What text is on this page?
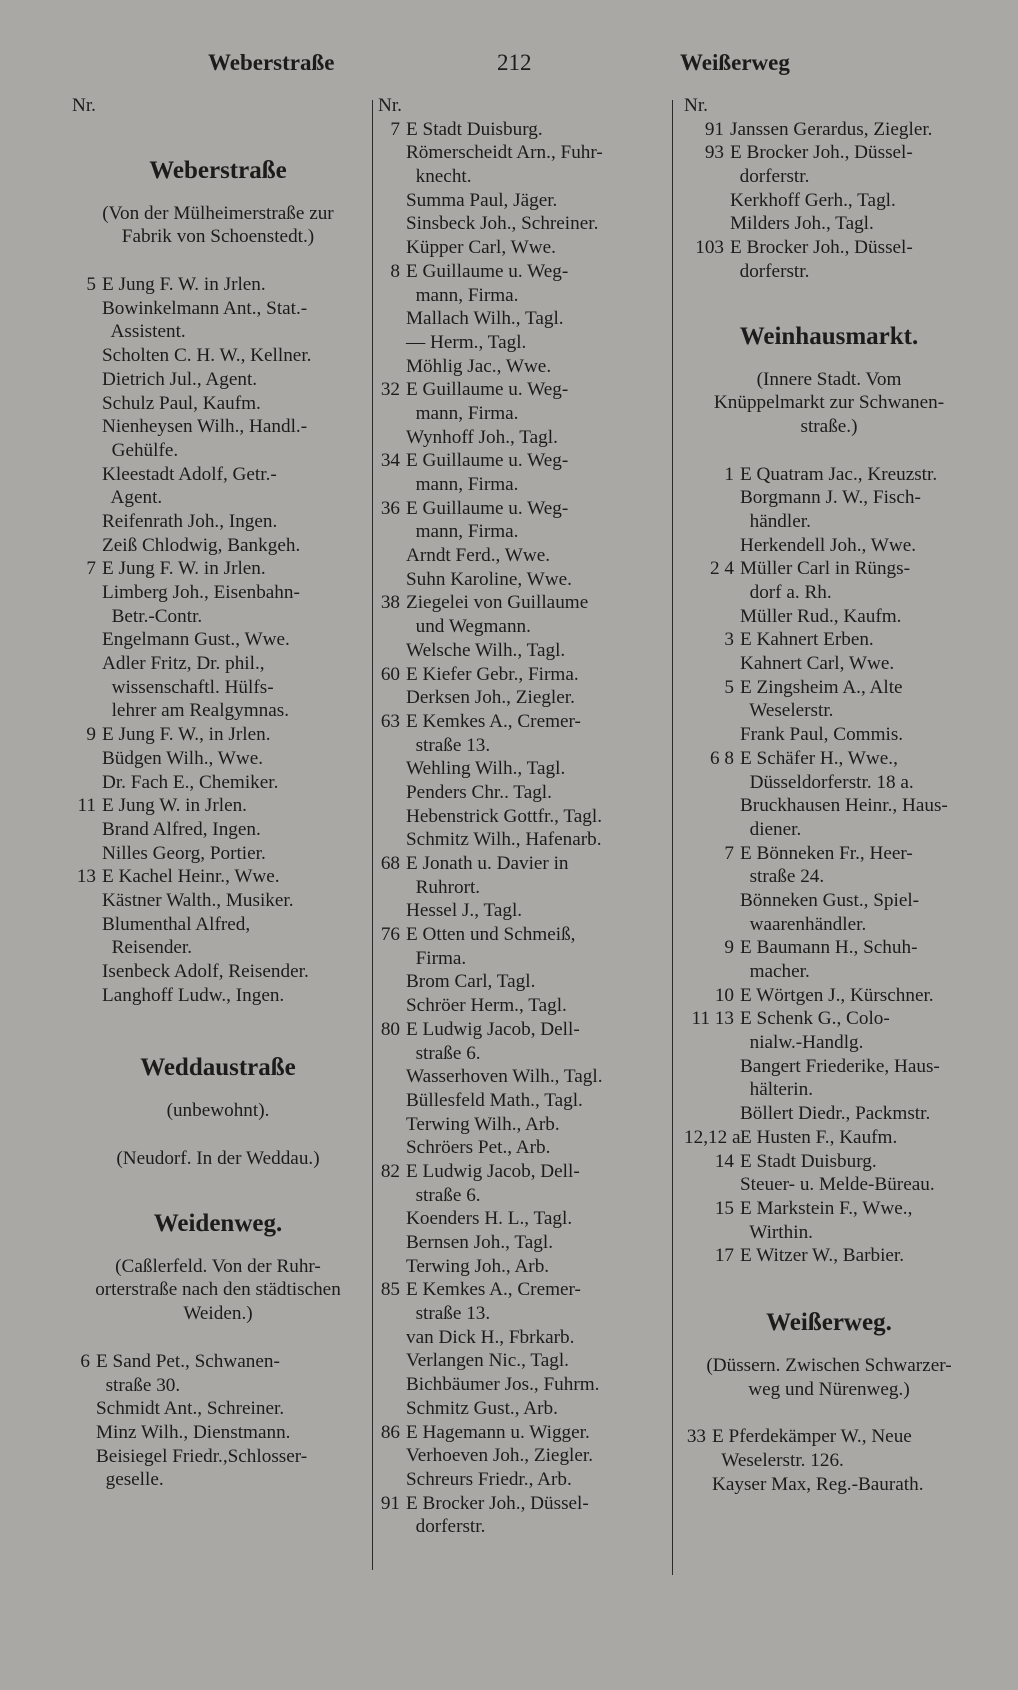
Weberstraße	212	Weißerweg
Nr.
Weberstraße
(Von der Mülheimerstraße zur
Fabrik von Schoenstedt.)
5 E Jung F. W. in Jrlen.
Bowinkelmann Ant., Stat.-
Assistent.
Scholten C. H. W., Kellner.
Dietrich Jul., Agent.
Schulz Paul, Kaufm.
Nienheysen Wilh., Handl.-
Gehülfe.
Kleestadt Adolf, Getr.-
Agent.
Reifenrath Joh., Ingen.
Zeiß Chlodwig, Bankgeh.
7 E Jung F. W. in Jrlen.
Limberg Joh., Eisenbahn-
Betr.-Contr.
Engelmann Gust., Wwe.
Adler Fritz, Dr. phil.,
wissenschaftl. Hülfs-
lehrer am Realgymnas.
9 E Jung F. W., in Jrlen.
Büdgen Wilh., Wwe.
Dr. Fach E., Chemiker.
11 E Jung W. in Jrlen.
Brand Alfred, Ingen.
Nilles Georg, Portier.
13 E Kachel Heinr., Wwe.
Kästner Walth., Musiker.
Blumenthal Alfred,
Reisender.
Isenbeck Adolf, Reisender.
Langhoff Ludw., Ingen.
Weddaustraße
(unbewohnt).
(Neudorf. In der Weddau.)
Weidenweg.
(Caßlerfeld. Von der Ruhr-
orterstraße nach den städtischen
Weiden.)
6 E Sand Pet., Schwanen-
straße 30.
Schmidt Ant., Schreiner.
Minz Wilh., Dienstmann.
Beisiegel Friedr.,Schlosser-
geselle.
Nr.
7 E Stadt Duisburg.
Römerscheidt Arn., Fuhr-
knecht.
Summa Paul, Jäger.
Sinsbeck Joh., Schreiner.
Küpper Carl, Wwe.
8 E Guillaume u. Weg-
mann, Firma.
Mallach Wilh., Tagl.
— Herm., Tagl.
Möhlig Jac., Wwe.
32 E Guillaume u. Weg-
mann, Firma.
Wynhoff Joh., Tagl.
34 E Guillaume u. Weg-
mann, Firma.
36 E Guillaume u. Weg-
mann, Firma.
Arndt Ferd., Wwe.
Suhn Karoline, Wwe.
38 Ziegelei von Guillaume
und Wegmann.
Welsche Wilh., Tagl.
60 E Kiefer Gebr., Firma.
Derksen Joh., Ziegler.
63 E Kemkes A., Cremer-
straße 13.
Wehling Wilh., Tagl.
Penders Chr.. Tagl.
Hebenstrick Gottfr., Tagl.
Schmitz Wilh., Hafenarb.
68 E Jonath u. Davier in
Ruhrort.
Hessel J., Tagl.
76 E Otten und Schmeiß,
Firma.
Brom Carl, Tagl.
Schröer Herm., Tagl.
80 E Ludwig Jacob, Dell-
straße 6.
Wasserhoven Wilh., Tagl.
Büllesfeld Math., Tagl.
Terwing Wilh., Arb.
Schröers Pet., Arb.
82 E Ludwig Jacob, Dell-
straße 6.
Koenders H. L., Tagl.
Bernsen Joh., Tagl.
Terwing Joh., Arb.
85 E Kemkes A., Cremer-
straße 13.
van Dick H., Fbrkarb.
Verlangen Nic., Tagl.
Bichbäumer Jos., Fuhrm.
Schmitz Gust., Arb.
86 E Hagemann u. Wigger.
Verhoeven Joh., Ziegler.
Schreurs Friedr., Arb.
91 E Brocker Joh., Düssel-
dorferstr.
Nr.
91 Janssen Gerardus, Ziegler.
93 E Brocker Joh., Düssel-
dorferstr.
Kerkhoff Gerh., Tagl.
Milders Joh., Tagl.
103 E Brocker Joh., Düssel-
dorferstr.
Weinhausmarkt.
(Innere Stadt. Vom
Knüppelmarkt zur Schwanen-
straße.)
1 E Quatram Jac., Kreuzstr.
Borgmann J. W., Fisch-
händler.
Herkendell Joh., Wwe.
2 4 Müller Carl in Rüngs-
dorf a. Rh.
Müller Rud., Kaufm.
3 E Kahnert Erben.
Kahnert Carl, Wwe.
5 E Zingsheim A., Alte
Weselerstr.
Frank Paul, Commis.
6 8 E Schäfer H., Wwe.,
Düsseldorferstr. 18 a.
Bruckhausen Heinr., Haus-
diener.
7 E Bönneken Fr., Heer-
straße 24.
Bönneken Gust., Spiel-
waarenhändler.
9 E Baumann H., Schuh-
macher.
10 E Wörtgen J., Kürschner.
11 13 E Schenk G., Colo-
nialw.-Handlg.
Bangert Friederike, Haus-
hälterin.
Böllert Diedr., Packmstr.
12,12 aE Husten F., Kaufm.
14 E Stadt Duisburg.
Steuer- u. Melde-Büreau.
15 E Markstein F., Wwe.,
Wirthin.
17 E Witzer W., Barbier.
Weißerweg.
(Düssern. Zwischen Schwarzer-
weg und Nürenweg.)
33 E Pferdekämper W., Neue
Weselerstr. 126.
Kayser Max, Reg.-Baurath.
